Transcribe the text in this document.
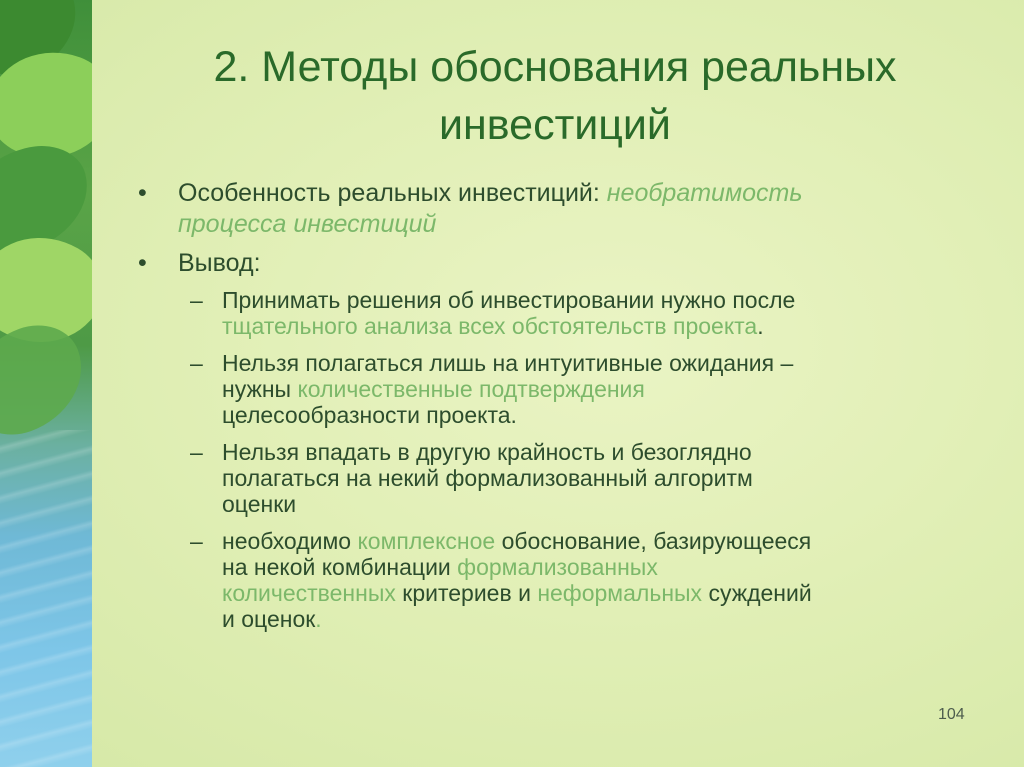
2. Методы обоснования реальных
инвестиций
• Особенность реальных инвестиций: необратимость
процесса инвестиций
• Вывод:
– Принимать решения об инвестировании нужно после
тщательного анализа всех обстоятельств проекта.
– Нельзя полагаться лишь на интуитивные ожидания –
нужны количественные подтверждения
целесообразности проекта.
– Нельзя впадать в другую крайность и безоглядно
полагаться на некий формализованный алгоритм
оценки
– необходимо комплексное обоснование, базирующееся
на некой комбинации формализованных
количественных критериев и неформальных суждений
и оценок.
104
